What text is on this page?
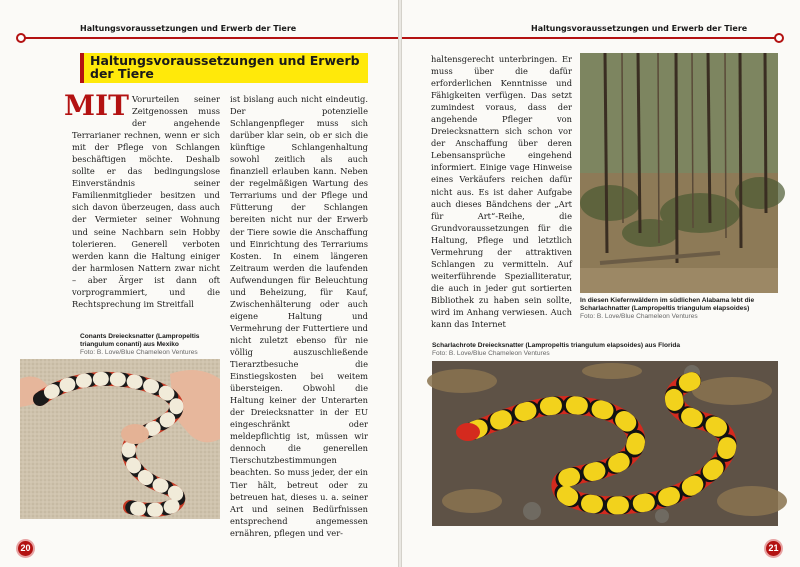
Haltungsvoraussetzungen und Erwerb der Tiere
Haltungsvoraussetzungen und Erwerb
der Tiere
MIT Vorurteilen seiner Zeitgenossen muss der angehende Terrarianer rechnen, wenn er sich mit der Pflege von Schlangen beschäftigen möchte. Deshalb sollte er das bedingungslose Einverständnis seiner Familienmitglieder besitzen und sich davon überzeugen, dass auch der Vermieter seiner Wohnung und seine Nachbarn sein Hobby tolerieren. Generell verboten werden kann die Haltung einiger der harmlosen Nattern zwar nicht – aber Ärger ist dann oft vorprogrammiert, und die Rechtsprechung im Streitfall
ist bislang auch nicht eindeutig. Der potenzielle Schlangenpfleger muss sich darüber klar sein, ob er sich die künftige Schlangenhaltung sowohl zeitlich als auch finanziell erlauben kann. Neben der regelmäßigen Wartung des Terrariums und der Pflege und Fütterung der Schlangen bereiten nicht nur der Erwerb der Tiere sowie die Anschaffung und Einrichtung des Terrariums Kosten. In einem längeren Zeitraum werden die laufenden Aufwendungen für Beleuchtung und Beheizung, für Kauf, Zwischenhälterung oder auch eigene Haltung und Vermehrung der Futtertiere und nicht zuletzt ebenso für nie völlig auszuschließende Tierarztbesuche die Einstiegskosten bei weitem übersteigen. Obwohl die Haltung keiner der Unterarten der Dreiecksnatter in der EU eingeschränkt oder meldepflichtig ist, müssen wir dennoch die generellen Tierschutzbestimmungen beachten. So muss jeder, der ein Tier hält, betreut oder zu betreuen hat, dieses u. a. seiner Art und seinen Bedürfnissen entsprechend angemessen ernähren, pflegen und ver-
Conants Dreiecksnatter (Lampropeltis triangulum conanti) aus Mexiko
Foto: B. Love/Blue Chameleon Ventures
20
Haltungsvoraussetzungen und Erwerb der Tiere
haltensgerecht unterbringen. Er muss über die dafür erforderlichen Kenntnisse und Fähigkeiten verfügen. Das setzt zumindest voraus, dass der angehende Pfleger von Dreiecksnattern sich schon vor der Anschaffung über deren Lebensansprüche eingehend informiert. Einige vage Hinweise eines Verkäufers reichen dafür nicht aus. Es ist daher Aufgabe auch dieses Bändchens der „Art für Art“-Reihe, die Grundvoraussetzungen für die Haltung, Pflege und letztlich Vermehrung der attraktiven Schlangen zu vermitteln. Auf weiterführende Spezialliteratur, die auch in jeder gut sortierten Bibliothek zu haben sein sollte, wird im Anhang verwiesen. Auch kann das Internet
In diesen Kiefernwäldern im südlichen Alabama lebt die Scharlachnatter (Lampropeltis triangulum elapsoides)
Foto: B. Love/Blue Chameleon Ventures
Scharlachrote Dreiecksnatter (Lampropeltis triangulum elapsoides) aus Florida
Foto: B. Love/Blue Chameleon Ventures
21
